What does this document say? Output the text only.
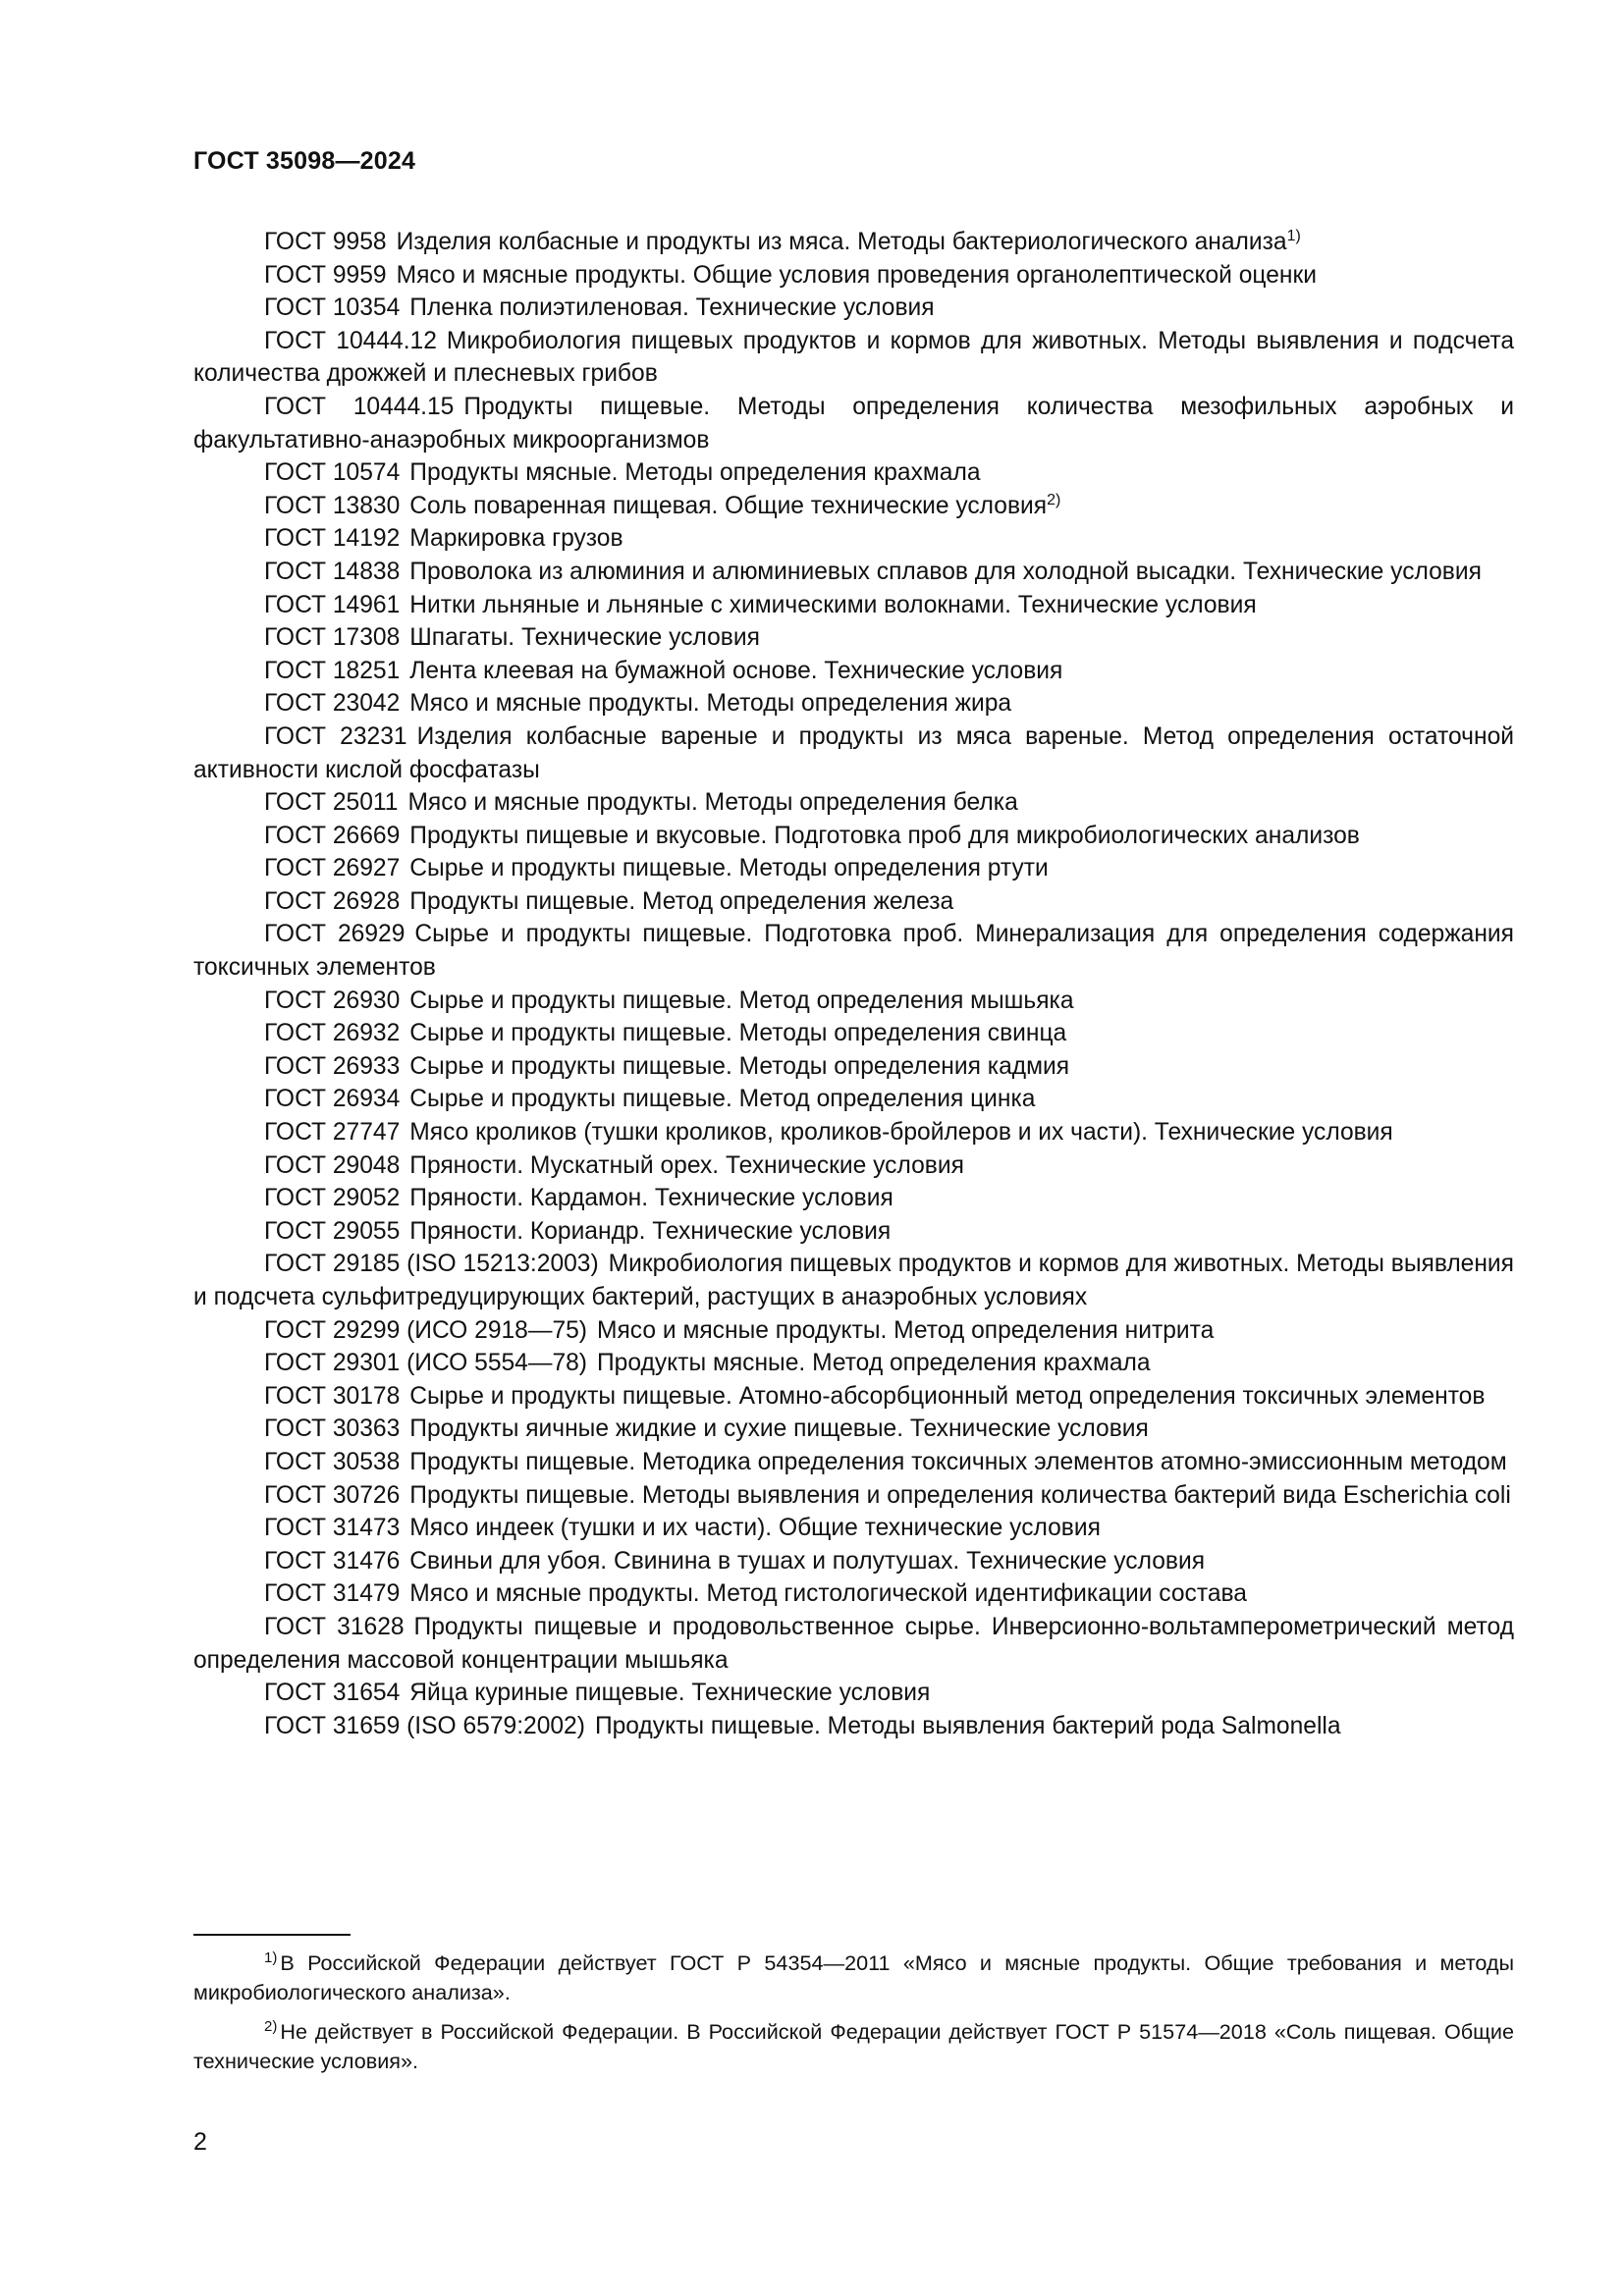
ГОСТ 35098—2024

ГОСТ 9958 Изделия колбасные и продукты из мяса. Методы бактериологического анализа$^{1)}$

ГОСТ 9959 Мясо и мясные продукты. Общие условия проведения органолептической оценки

ГОСТ 10354 Пленка полиэтиленовая. Технические условия

ГОСТ 10444.12 Микробиология пищевых продуктов и кормов для животных. Методы выявления и подсчета количества дрожжей и плесневых грибов

ГОСТ 10444.15 Продукты пищевые. Методы определения количества мезофильных аэробных и факультативно-анаэробных микроорганизмов

ГОСТ 10574 Продукты мясные. Методы определения крахмала

ГОСТ 13830 Соль поваренная пищевая. Общие технические условия$^{2)}$

ГОСТ 14192 Маркировка грузов

ГОСТ 14838 Проволока из алюминия и алюминиевых сплавов для холодной высадки. Технические условия

ГОСТ 14961 Нитки льняные и льняные с химическими волокнами. Технические условия

ГОСТ 17308 Шпагаты. Технические условия

ГОСТ 18251 Лента клеевая на бумажной основе. Технические условия

ГОСТ 23042 Мясо и мясные продукты. Методы определения жира

ГОСТ 23231 Изделия колбасные вареные и продукты из мяса вареные. Метод определения остаточной активности кислой фосфатазы

ГОСТ 25011 Мясо и мясные продукты. Методы определения белка

ГОСТ 26669 Продукты пищевые и вкусовые. Подготовка проб для микробиологических анализов

ГОСТ 26927 Сырье и продукты пищевые. Методы определения ртути

ГОСТ 26928 Продукты пищевые. Метод определения железа

ГОСТ 26929 Сырье и продукты пищевые. Подготовка проб. Минерализация для определения содержания токсичных элементов

ГОСТ 26930 Сырье и продукты пищевые. Метод определения мышьяка

ГОСТ 26932 Сырье и продукты пищевые. Методы определения свинца

ГОСТ 26933 Сырье и продукты пищевые. Методы определения кадмия

ГОСТ 26934 Сырье и продукты пищевые. Метод определения цинка

ГОСТ 27747 Мясо кроликов (тушки кроликов, кроликов-бройлеров и их части). Технические условия

ГОСТ 29048 Пряности. Мускатный орех. Технические условия

ГОСТ 29052 Пряности. Кардамон. Технические условия

ГОСТ 29055 Пряности. Кориандр. Технические условия

ГОСТ 29185 (ISO 15213:2003) Микробиология пищевых продуктов и кормов для животных. Методы выявления и подсчета сульфитредуцирующих бактерий, растущих в анаэробных условиях

ГОСТ 29299 (ИСО 2918—75) Мясо и мясные продукты. Метод определения нитрита

ГОСТ 29301 (ИСО 5554—78) Продукты мясные. Метод определения крахмала

ГОСТ 30178 Сырье и продукты пищевые. Атомно-абсорбционный метод определения токсичных элементов

ГОСТ 30363 Продукты яичные жидкие и сухие пищевые. Технические условия

ГОСТ 30538 Продукты пищевые. Методика определения токсичных элементов атомно-эмиссионным методом

ГОСТ 30726 Продукты пищевые. Методы выявления и определения количества бактерий вида Escherichia coli

ГОСТ 31473 Мясо индеек (тушки и их части). Общие технические условия

ГОСТ 31476 Свиньи для убоя. Свинина в тушах и полутушах. Технические условия

ГОСТ 31479 Мясо и мясные продукты. Метод гистологической идентификации состава

ГОСТ 31628 Продукты пищевые и продовольственное сырье. Инверсионно-вольтамперометрический метод определения массовой концентрации мышьяка

ГОСТ 31654 Яйца куриные пищевые. Технические условия

ГОСТ 31659 (ISO 6579:2002) Продукты пищевые. Методы выявления бактерий рода Salmonella

$^{1)}$ В Российской Федерации действует ГОСТ Р 54354—2011 «Мясо и мясные продукты. Общие требования и методы микробиологического анализа».

$^{2)}$ Не действует в Российской Федерации. В Российской Федерации действует ГОСТ Р 51574—2018 «Соль пищевая. Общие технические условия».

2
